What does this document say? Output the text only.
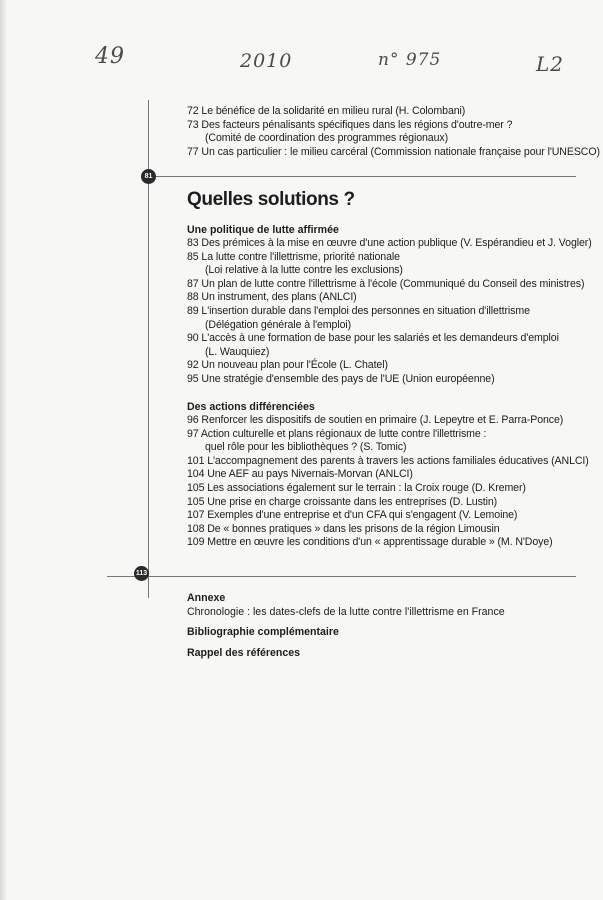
49	2010	n° 975	L2
81
113
72 Le bénéfice de la solidarité en milieu rural (H. Colombani)
73 Des facteurs pénalisants spécifiques dans les régions d'outre-mer ?
(Comité de coordination des programmes régionaux)
77 Un cas particulier : le milieu carcéral (Commission nationale française pour l'UNESCO)
Quelles solutions ?
Une politique de lutte affirmée
83 Des prémices à la mise en œuvre d'une action publique (V. Espérandieu et J. Vogler)
85 La lutte contre l'illettrisme, priorité nationale
(Loi relative à la lutte contre les exclusions)
87 Un plan de lutte contre l'illettrisme à l'école (Communiqué du Conseil des ministres)
88 Un instrument, des plans (ANLCI)
89 L'insertion durable dans l'emploi des personnes en situation d'illettrisme
(Délégation générale à l'emploi)
90 L'accès à une formation de base pour les salariés et les demandeurs d'emploi
(L. Wauquiez)
92 Un nouveau plan pour l'École (L. Chatel)
95 Une stratégie d'ensemble des pays de l'UE (Union européenne)
Des actions différenciées
96 Renforcer les dispositifs de soutien en primaire (J. Lepeytre et E. Parra-Ponce)
97 Action culturelle et plans régionaux de lutte contre l'illettrisme :
quel rôle pour les bibliothèques ? (S. Tomic)
101 L'accompagnement des parents à travers les actions familiales éducatives (ANLCI)
104 Une AEF au pays Nivernais-Morvan (ANLCI)
105 Les associations également sur le terrain : la Croix rouge (D. Kremer)
105 Une prise en charge croissante dans les entreprises (D. Lustin)
107 Exemples d'une entreprise et d'un CFA qui s'engagent (V. Lemoine)
108 De « bonnes pratiques » dans les prisons de la région Limousin
109 Mettre en œuvre les conditions d'un « apprentissage durable » (M. N'Doye)
Annexe
Chronologie : les dates-clefs de la lutte contre l'illettrisme en France
Bibliographie complémentaire
Rappel des références
